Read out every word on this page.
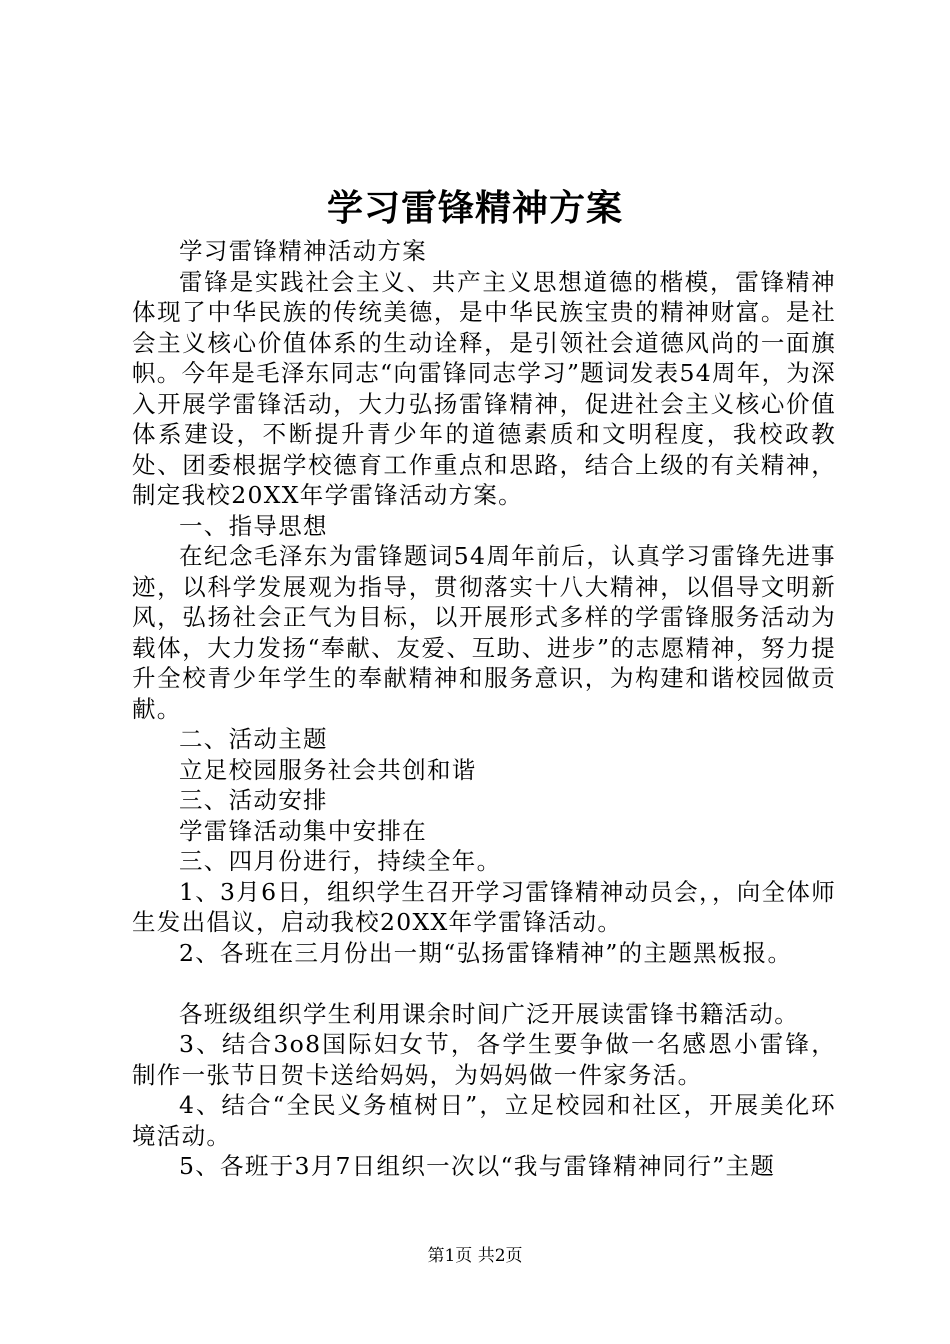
学习雷锋精神方案

学习雷锋精神活动方案

雷锋是实践社会主义、共产主义思想道德的楷模，雷锋精神体现了中华民族的传统美德，是中华民族宝贵的精神财富。是社会主义核心价值体系的生动诠释，是引领社会道德风尚的一面旗帜。今年是毛泽东同志“向雷锋同志学习”题词发表54周年，为深入开展学雷锋活动，大力弘扬雷锋精神，促进社会主义核心价值体系建设，不断提升青少年的道德素质和文明程度，我校政教处、团委根据学校德育工作重点和思路，结合上级的有关精神，制定我校20XX年学雷锋活动方案。

一、指导思想

在纪念毛泽东为雷锋题词54周年前后，认真学习雷锋先进事迹，以科学发展观为指导，贯彻落实十八大精神，以倡导文明新风，弘扬社会正气为目标，以开展形式多样的学雷锋服务活动为载体，大力发扬“奉献、友爱、互助、进步”的志愿精神，努力提升全校青少年学生的奉献精神和服务意识，为构建和谐校园做贡献。

二、活动主题

立足校园服务社会共创和谐

三、活动安排

学雷锋活动集中安排在

三、四月份进行，持续全年。

1、3月6日，组织学生召开学习雷锋精神动员会，，向全体师生发出倡议，启动我校20XX年学雷锋活动。

2、各班在三月份出一期“弘扬雷锋精神”的主题黑板报。

各班级组织学生利用课余时间广泛开展读雷锋书籍活动。

3、结合3o8国际妇女节，各学生要争做一名感恩小雷锋，制作一张节日贺卡送给妈妈，为妈妈做一件家务活。

4、结合“全民义务植树日”，立足校园和社区，开展美化环境活动。

5、各班于3月7日组织一次以“我与雷锋精神同行”主题

第1页 共2页
